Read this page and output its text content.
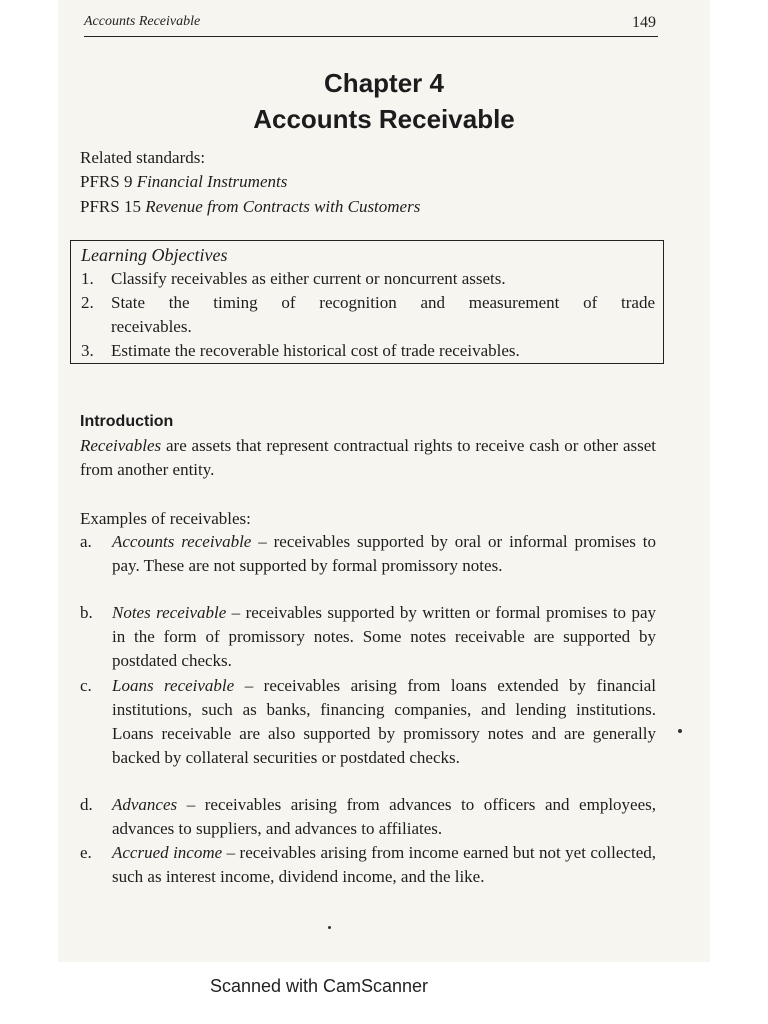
Accounts Receivable	149
Chapter 4
Accounts Receivable
Related standards:
PFRS 9 Financial Instruments
PFRS 15 Revenue from Contracts with Customers
Learning Objectives
1. Classify receivables as either current or noncurrent assets.
2. State the timing of recognition and measurement of trade
receivables.
3. Estimate the recoverable historical cost of trade receivables.
Introduction
Receivables are assets that represent contractual rights to receive cash or other asset from another entity.
Examples of receivables:
a. Accounts receivable – receivables supported by oral or informal promises to pay. These are not supported by formal promissory notes.
b. Notes receivable – receivables supported by written or formal promises to pay in the form of promissory notes. Some notes receivable are supported by postdated checks.
c. Loans receivable – receivables arising from loans extended by financial institutions, such as banks, financing companies, and lending institutions. Loans receivable are also supported by promissory notes and are generally backed by collateral securities or postdated checks.
d. Advances – receivables arising from advances to officers and employees, advances to suppliers, and advances to affiliates.
e. Accrued income – receivables arising from income earned but not yet collected, such as interest income, dividend income, and the like.
Scanned with CamScanner
